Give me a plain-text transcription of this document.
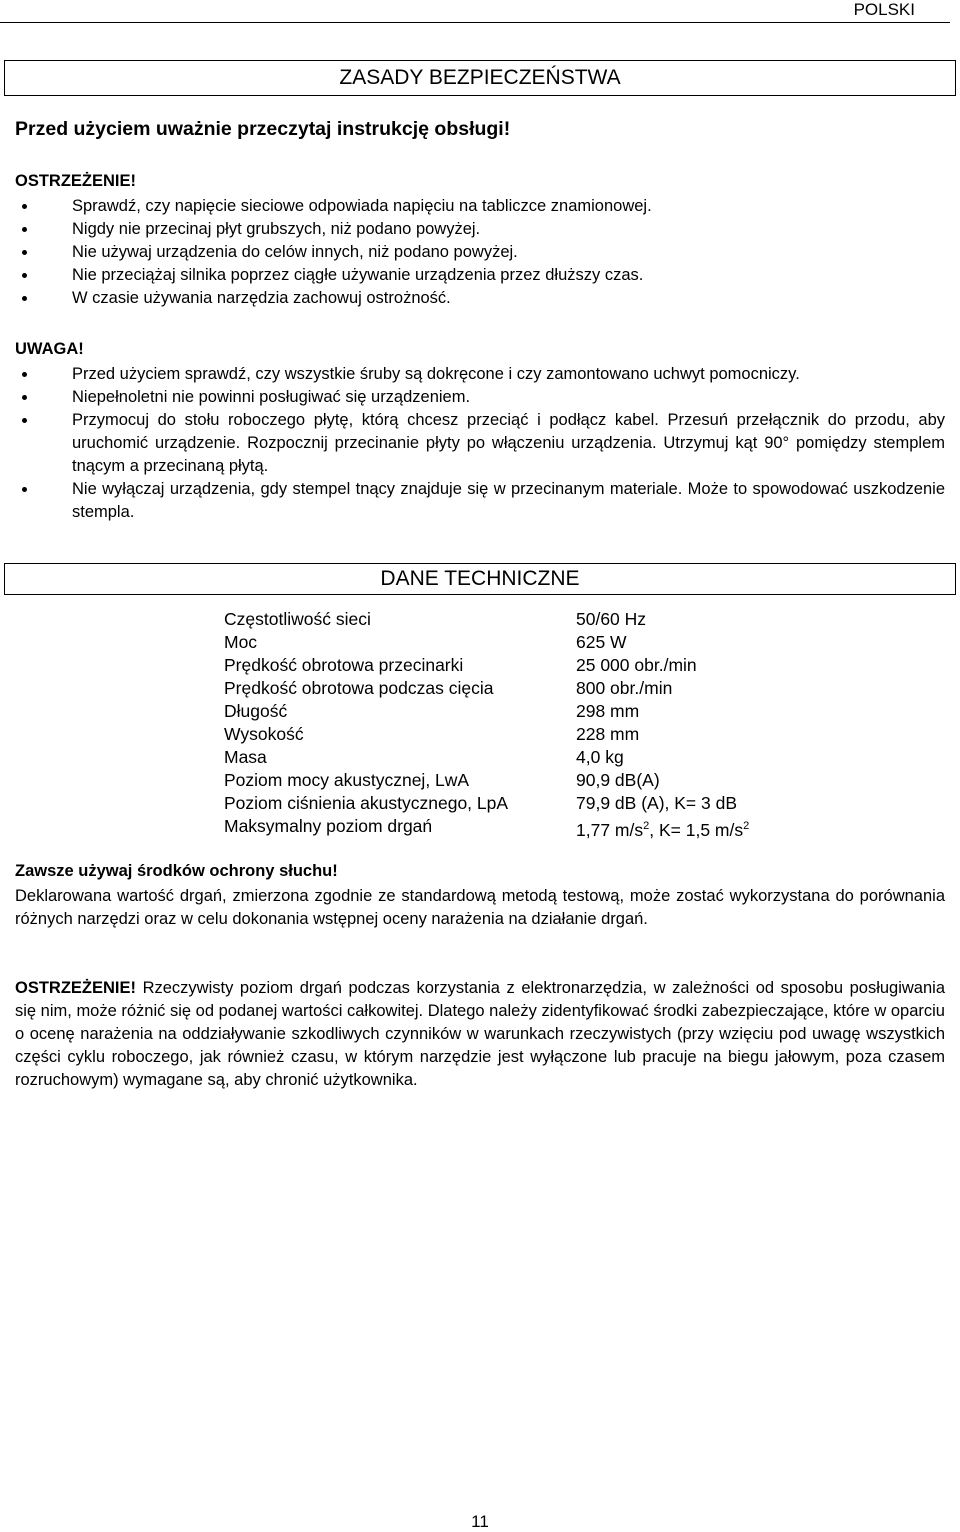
POLSKI
ZASADY BEZPIECZEŃSTWA
Przed użyciem uważnie przeczytaj instrukcję obsługi!
OSTRZEŻENIE!
Sprawdź, czy napięcie sieciowe odpowiada napięciu na tabliczce znamionowej.
Nigdy nie przecinaj płyt grubszych, niż podano powyżej.
Nie używaj urządzenia do celów innych, niż podano powyżej.
Nie przeciążaj silnika poprzez ciągłe używanie urządzenia przez dłuższy czas.
W czasie używania narzędzia zachowuj ostrożność.
UWAGA!
Przed użyciem sprawdź, czy wszystkie śruby są dokręcone i czy zamontowano uchwyt pomocniczy.
Niepełnoletni nie powinni posługiwać się urządzeniem.
Przymocuj do stołu roboczego płytę, którą chcesz przeciąć i podłącz kabel. Przesuń przełącznik do przodu, aby uruchomić urządzenie. Rozpocznij przecinanie płyty po włączeniu urządzenia. Utrzymuj kąt 90° pomiędzy stemplem tnącym a przecinaną płytą.
Nie wyłączaj urządzenia, gdy stempel tnący znajduje się w przecinanym materiale. Może to spowodować uszkodzenie stempla.
DANE TECHNICZNE
Częstotliwość sieci	50/60 Hz
Moc	625 W
Prędkość obrotowa przecinarki	25 000 obr./min
Prędkość obrotowa podczas cięcia	800 obr./min
Długość	298 mm
Wysokość	228 mm
Masa	4,0 kg
Poziom mocy akustycznej, LwA	90,9 dB(A)
Poziom ciśnienia akustycznego, LpA	79,9 dB (A), K= 3 dB
Maksymalny poziom drgań	1,77 $m/s^2$, K= 1,5 $m/s^2$
Zawsze używaj środków ochrony słuchu!

Deklarowana wartość drgań, zmierzona zgodnie ze standardową metodą testową, może zostać wykorzystana do porównania różnych narzędzi oraz w celu dokonania wstępnej oceny narażenia na działanie drgań.

OSTRZEŻENIE! Rzeczywisty poziom drgań podczas korzystania z elektronarzędzia, w zależności od sposobu posługiwania się nim, może różnić się od podanej wartości całkowitej. Dlatego należy zidentyfikować środki zabezpieczające, które w oparciu o ocenę narażenia na oddziaływanie szkodliwych czynników w warunkach rzeczywistych (przy wzięciu pod uwagę wszystkich części cyklu roboczego, jak również czasu, w którym narzędzie jest wyłączone lub pracuje na biegu jałowym, poza czasem rozruchowym) wymagane są, aby chronić użytkownika.

11
